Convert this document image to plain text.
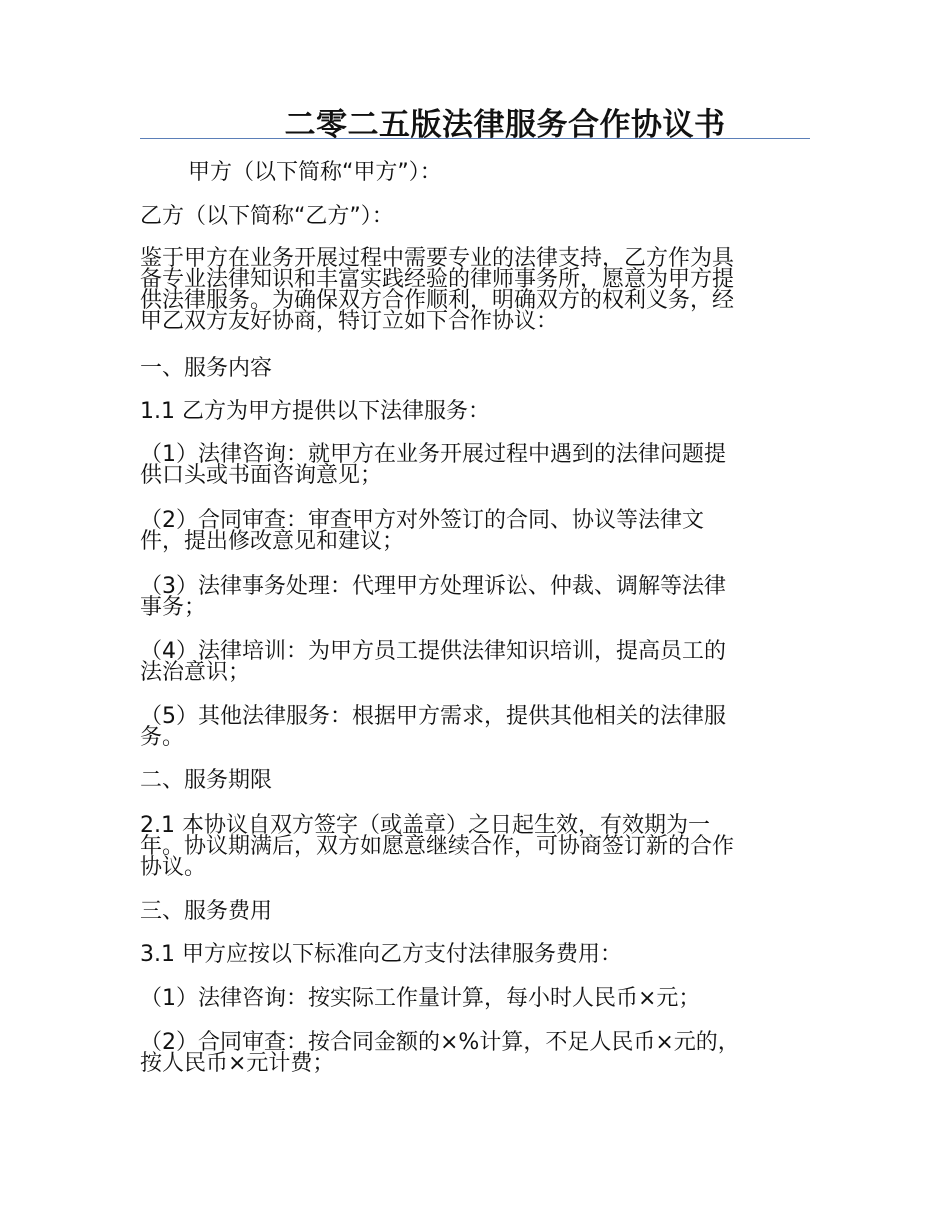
二零二五版法律服务合作协议书

甲方（以下简称“甲方”）：

乙方（以下简称“乙方”）：

鉴于甲方在业务开展过程中需要专业的法律支持，乙方作为具
备专业法律知识和丰富实践经验的律师事务所，愿意为甲方提
供法律服务。为确保双方合作顺利，明确双方的权利义务，经
甲乙双方友好协商，特订立如下合作协议：

一、服务内容

1.1 乙方为甲方提供以下法律服务：

（1）法律咨询：就甲方在业务开展过程中遇到的法律问题提
供口头或书面咨询意见；
（2）合同审查：审查甲方对外签订的合同、协议等法律文
件，提出修改意见和建议；
（3）法律事务处理：代理甲方处理诉讼、仲裁、调解等法律
事务；
（4）法律培训：为甲方员工提供法律知识培训，提高员工的
法治意识；
（5）其他法律服务：根据甲方需求，提供其他相关的法律服
务。

二、服务期限

2.1 本协议自双方签字（或盖章）之日起生效，有效期为一
年。协议期满后，双方如愿意继续合作，可协商签订新的合作
协议。

三、服务费用

3.1 甲方应按以下标准向乙方支付法律服务费用：

（1）法律咨询：按实际工作量计算，每小时人民币×元；

（2）合同审查：按合同金额的×%计算，不足人民币×元的，
按人民币×元计费；
